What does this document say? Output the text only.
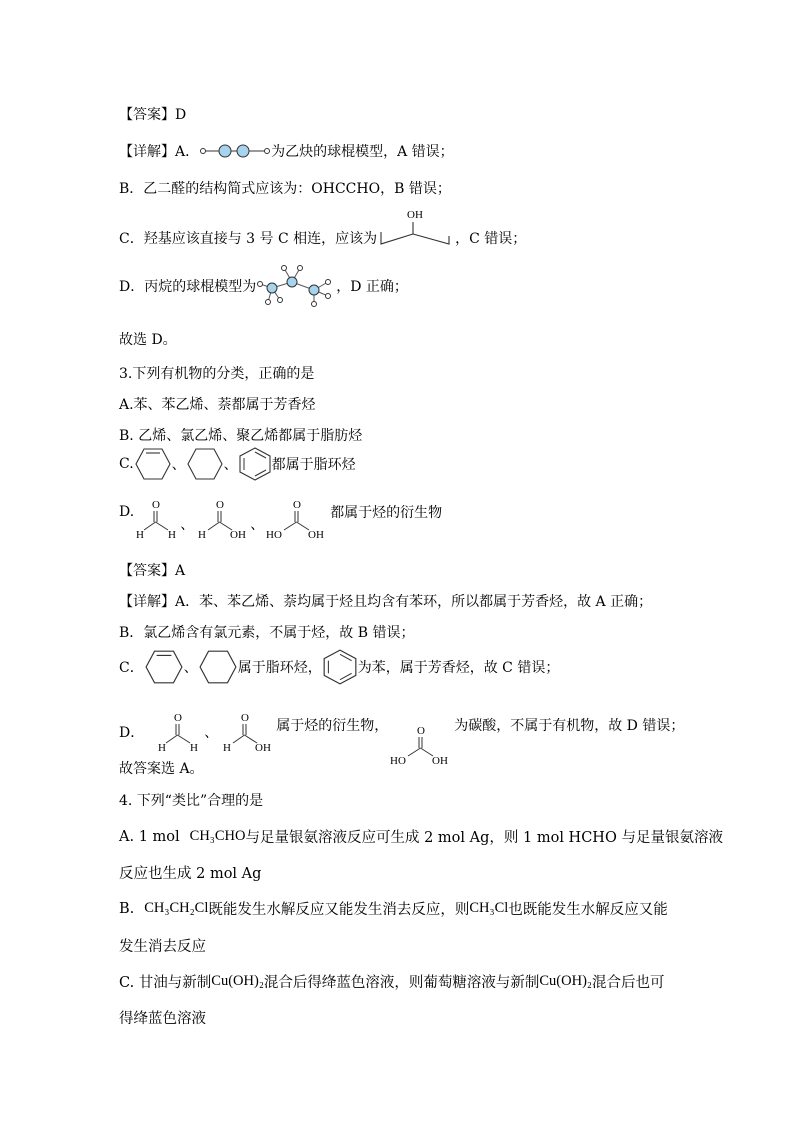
【答案】D
【详解】A．	为乙炔的球棍模型，A 错误；
B．乙二醛的结构简式应该为：OHCCHO，B 错误；
C．羟基应该直接与 3 号 C 相连，应该为
OH
，C 错误；
D．丙烷的球棍模型为	，D 正确；
故选 D。
3.下列有机物的分类，正确的是
A.苯、苯乙烯、萘都属于芳香烃
B. 乙烯、氯乙烯、聚乙烯都属于脂肪烃
C.	、	、 都属于脂环烃
D. O
H H
、
O
H OH
、
O
HO OH
都属于烃的衍生物
【答案】A
【详解】A．苯、苯乙烯、萘均属于烃且均含有苯环，所以都属于芳香烃，故 A 正确；
B．氯乙烯含有氯元素，不属于烃，故 B 错误；
C．	、	属于脂环烃，	为苯，属于芳香烃，故 C 错误；
D．
O
H H
、
O
H OH
属于烃的衍生物，	O
HO OH
为碳酸，不属于有机物，故 D 错误；
故答案选 A。
4. 下列“类比”合理的是
A. 1 mol CH₃CHO 与足量银氨溶液反应可生成 2 mol Ag，则 1 mol HCHO 与足量银氨溶液
反应也生成 2 mol Ag
B. CH₃CH₂Cl 既能发生水解反应又能发生消去反应，则 CH₃Cl 也既能发生水解反应又能
发生消去反应
C. 甘油与新制 Cu(OH)₂ 混合后得绛蓝色溶液，则葡萄糖溶液与新制 Cu(OH)₂ 混合后也可
得绛蓝色溶液
